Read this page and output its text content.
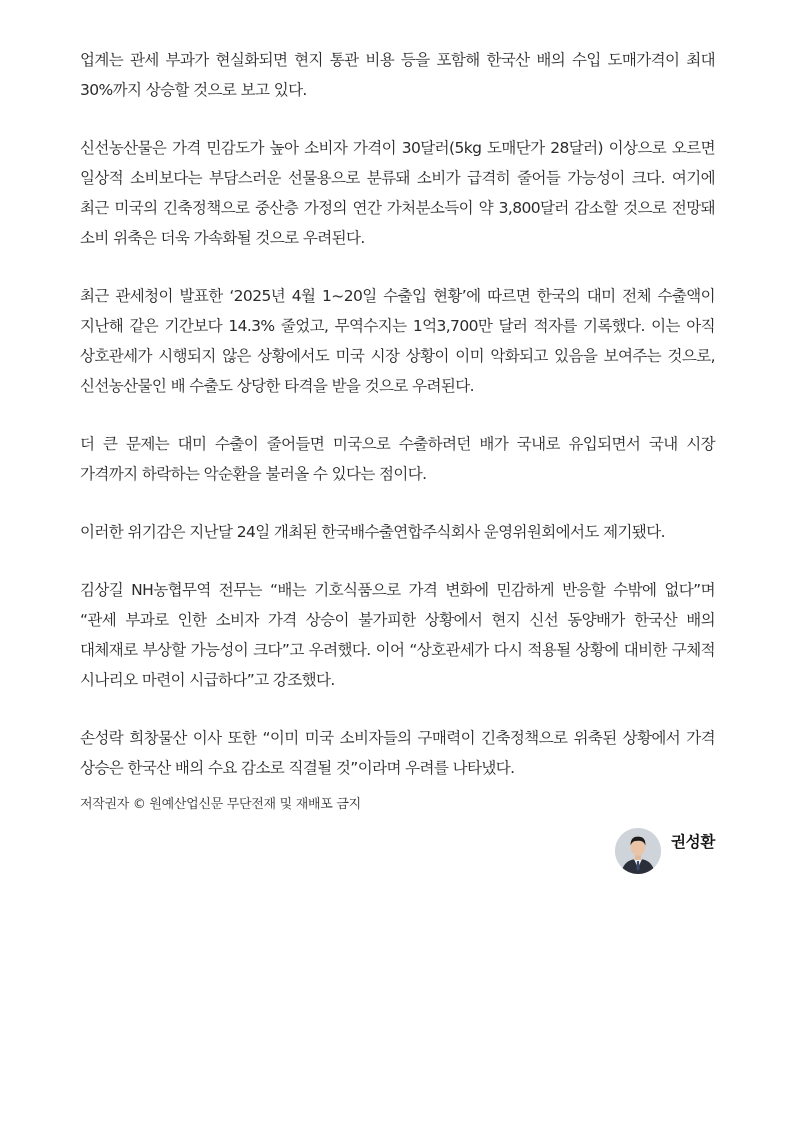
업계는 관세 부과가 현실화되면 현지 통관 비용 등을 포함해 한국산 배의 수입 도매가격이 최대 30%까지 상승할 것으로 보고 있다.

신선농산물은 가격 민감도가 높아 소비자 가격이 30달러(5kg 도매단가 28달러) 이상으로 오르면 일상적 소비보다는 부담스러운 선물용으로 분류돼 소비가 급격히 줄어들 가능성이 크다. 여기에 최근 미국의 긴축정책으로 중산층 가정의 연간 가처분소득이 약 3,800달러 감소할 것으로 전망돼 소비 위축은 더욱 가속화될 것으로 우려된다.

최근 관세청이 발표한 ‘2025년 4월 1~20일 수출입 현황’에 따르면 한국의 대미 전체 수출액이 지난해 같은 기간보다 14.3% 줄었고, 무역수지는 1억3,700만 달러 적자를 기록했다. 이는 아직 상호관세가 시행되지 않은 상황에서도 미국 시장 상황이 이미 악화되고 있음을 보여주는 것으로, 신선농산물인 배 수출도 상당한 타격을 받을 것으로 우려된다.

더 큰 문제는 대미 수출이 줄어들면 미국으로 수출하려던 배가 국내로 유입되면서 국내 시장 가격까지 하락하는 악순환을 불러올 수 있다는 점이다.

이러한 위기감은 지난달 24일 개최된 한국배수출연합주식회사 운영위원회에서도 제기됐다.

김상길 NH농협무역 전무는 “배는 기호식품으로 가격 변화에 민감하게 반응할 수밖에 없다”며 “관세 부과로 인한 소비자 가격 상승이 불가피한 상황에서 현지 신선 동양배가 한국산 배의 대체재로 부상할 가능성이 크다”고 우려했다. 이어 “상호관세가 다시 적용될 상황에 대비한 구체적 시나리오 마련이 시급하다”고 강조했다.

손성락 희창물산 이사 또한 “이미 미국 소비자들의 구매력이 긴축정책으로 위축된 상황에서 가격 상승은 한국산 배의 수요 감소로 직결될 것”이라며 우려를 나타냈다.

저작권자 © 원예산업신문 무단전재 및 재배포 금지

권성환
